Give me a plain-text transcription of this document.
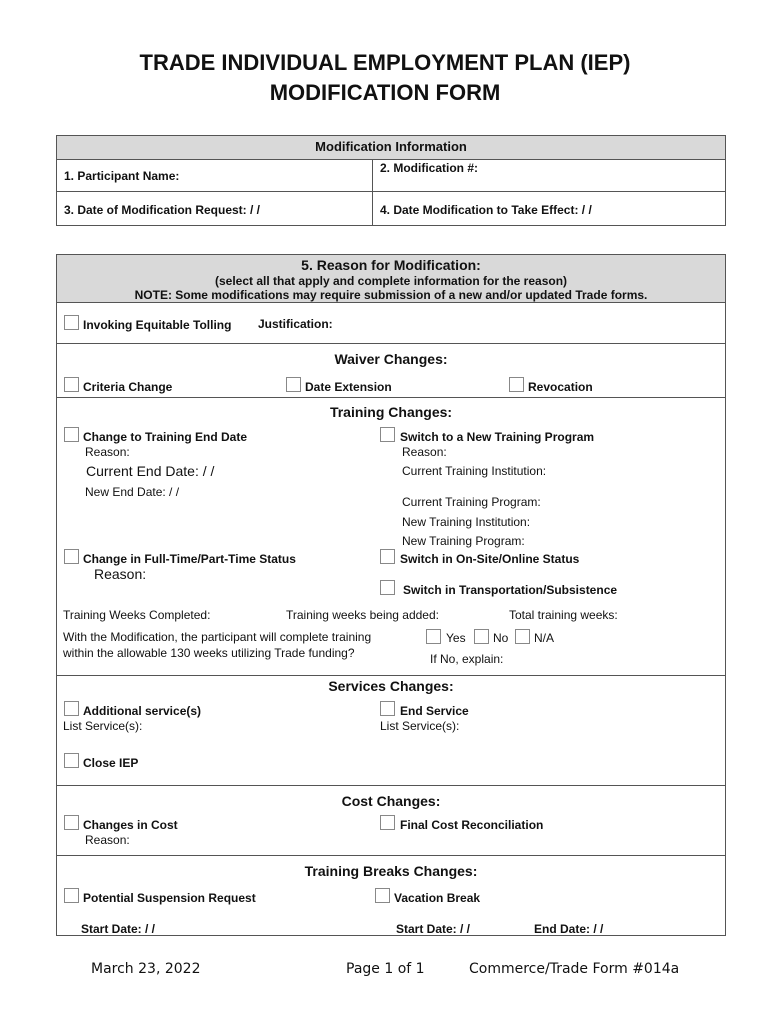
TRADE INDIVIDUAL EMPLOYMENT PLAN (IEP)
MODIFICATION FORM
Modification Information
1. Participant Name:
2. Modification #:
3. Date of Modification Request: / /	4. Date Modification to Take Effect: / /
5. Reason for Modification:
(select all that apply and complete information for the reason)
NOTE: Some modifications may require submission of a new and/or updated Trade forms.
Invoking Equitable Tolling Justification:
Waiver Changes:
Criteria Change	Date Extension	Revocation
Training Changes:
Change to Training End Date
Reason:
Current End Date: / /
New End Date: / /
Switch to a New Training Program
Reason:
Current Training Institution:
Current Training Program:
New Training Institution:
New Training Program:
Change in Full-Time/Part-Time Status
Reason:
Switch in On-Site/Online Status
Switch in Transportation/Subsistence
Training Weeks Completed:	Training weeks being added:	Total training weeks:
With the Modification, the participant will complete training
within the allowable 130 weeks utilizing Trade funding?
Yes No N/A
If No, explain:
Services Changes:
Additional service(s)
List Service(s):
End Service
List Service(s):
Close IEP
Cost Changes:
Changes in Cost
Reason:
Final Cost Reconciliation
Training Breaks Changes:
Potential Suspension Request	Vacation Break
Start Date: / /	Start Date: / /	End Date: / /
March 23, 2022	Page 1 of 1	Commerce/Trade Form #014a
